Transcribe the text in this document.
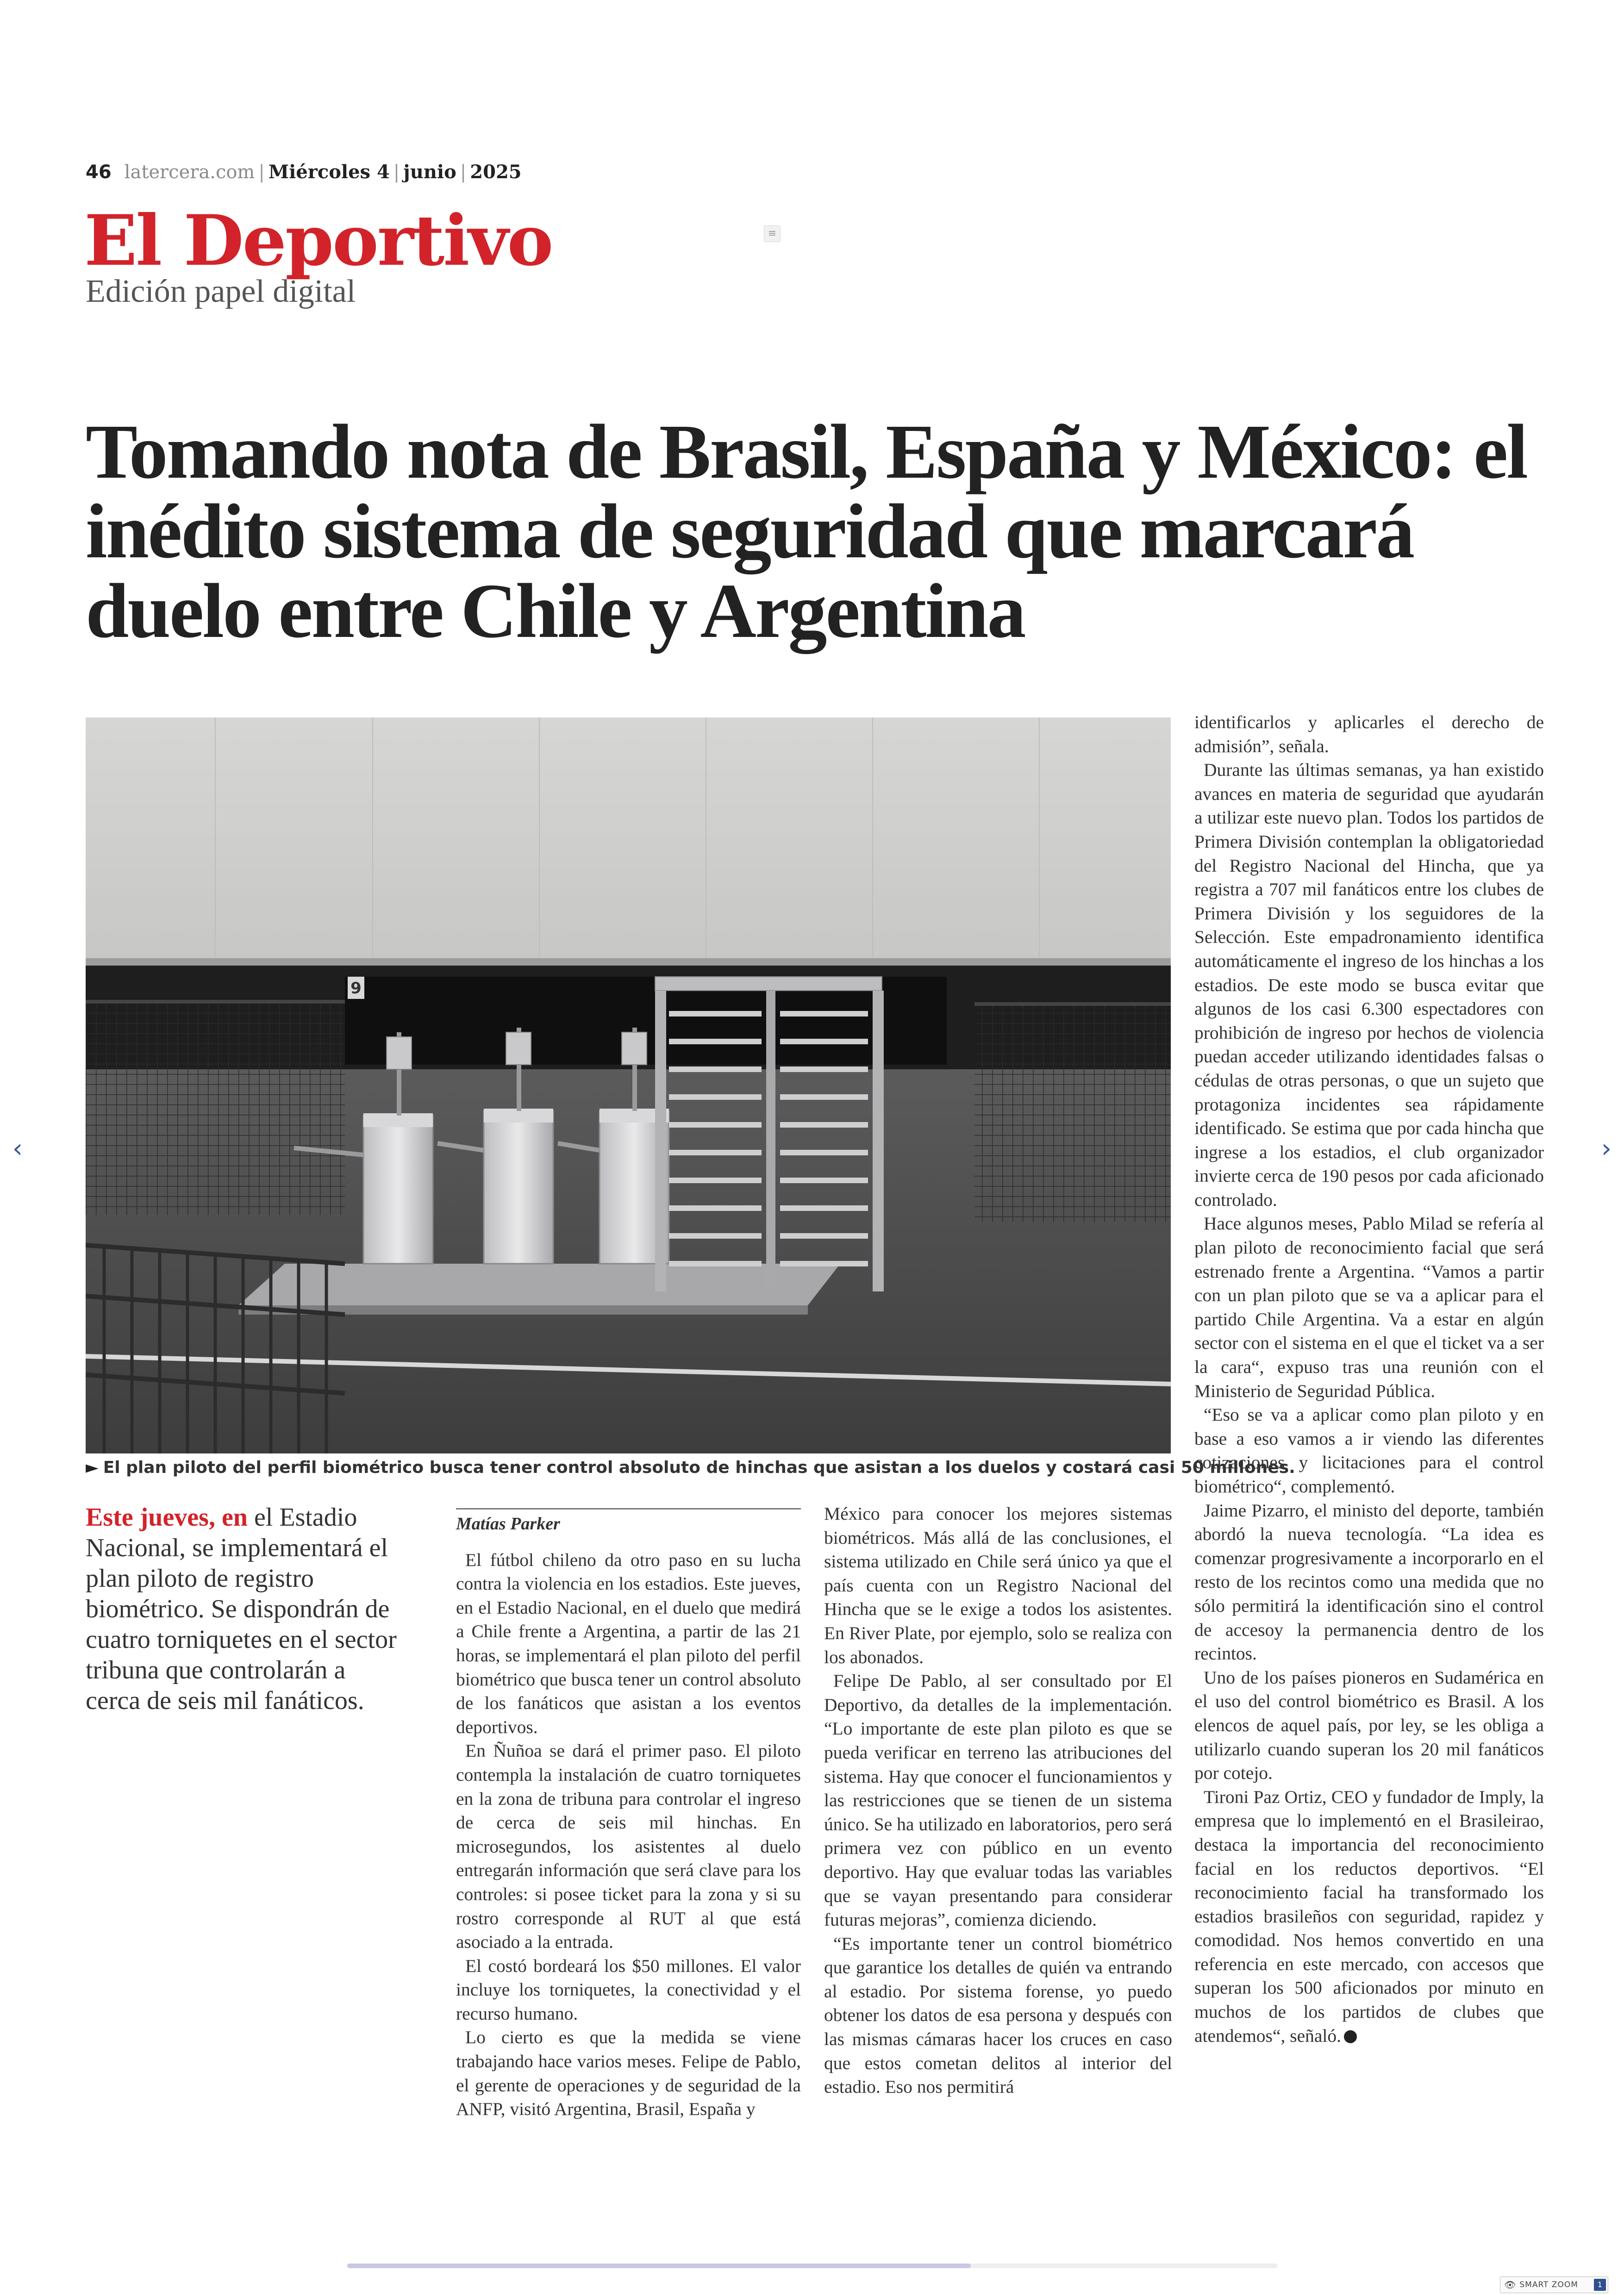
46 latercera.com | Miércoles 4 | junio | 2025
El Deportivo
Edición papel digital
≡
Tomando nota de Brasil, España y México: el inédito sistema de seguridad que marcará duelo entre Chile y Argentina
9
► El plan piloto del perfil biométrico busca tener control absoluto de hinchas que asistan a los duelos y costará casi 50 millones.
Este jueves, en el Estadio Nacional, se implementará el plan piloto de registro biométrico. Se dispondrán de cuatro torniquetes en el sector tribuna que controlarán a cerca de seis mil fanáticos.

Matías Parker

El fútbol chileno da otro paso en su lucha contra la violencia en los estadios. Este jueves, en el Estadio Nacional, en el duelo que medirá a Chile frente a Argentina, a partir de las 21 horas, se implementará el plan piloto del perfil biométrico que busca tener un control absoluto de los fanáticos que asistan a los eventos deportivos.

En Ñuñoa se dará el primer paso. El piloto contempla la instalación de cuatro torniquetes en la zona de tribuna para controlar el ingreso de cerca de seis mil hinchas. En microsegundos, los asistentes al duelo entregarán información que será clave para los controles: si posee ticket para la zona y si su rostro corresponde al RUT al que está asociado a la entrada.

El costó bordeará los $50 millones. El valor incluye los torniquetes, la conectividad y el recurso humano.

Lo cierto es que la medida se viene trabajando hace varios meses. Felipe de Pablo, el gerente de operaciones y de seguridad de la ANFP, visitó Argentina, Brasil, España y

México para conocer los mejores sistemas biométricos. Más allá de las conclusiones, el sistema utilizado en Chile será único ya que el país cuenta con un Registro Nacional del Hincha que se le exige a todos los asistentes. En River Plate, por ejemplo, solo se realiza con los abonados.

Felipe De Pablo, al ser consultado por El Deportivo, da detalles de la implementación. “Lo importante de este plan piloto es que se pueda verificar en terreno las atribuciones del sistema. Hay que conocer el funcionamientos y las restricciones que se tienen de un sistema único. Se ha utilizado en laboratorios, pero será primera vez con público en un evento deportivo. Hay que evaluar todas las variables que se vayan presentando para considerar futuras mejoras”, comienza diciendo.

“Es importante tener un control biométrico que garantice los detalles de quién va entrando al estadio. Por sistema forense, yo puedo obtener los datos de esa persona y después con las mismas cámaras hacer los cruces en caso que estos cometan delitos al interior del estadio. Eso nos permitirá

identificarlos y aplicarles el derecho de admisión”, señala.

Durante las últimas semanas, ya han existido avances en materia de seguridad que ayudarán a utilizar este nuevo plan. Todos los partidos de Primera División contemplan la obligatoriedad del Registro Nacional del Hincha, que ya registra a 707 mil fanáticos entre los clubes de Primera División y los seguidores de la Selección. Este empadronamiento identifica automáticamente el ingreso de los hinchas a los estadios. De este modo se busca evitar que algunos de los casi 6.300 espectadores con prohibición de ingreso por hechos de violencia puedan acceder utilizando identidades falsas o cédulas de otras personas, o que un sujeto que protagoniza incidentes sea rápidamente identificado. Se estima que por cada hincha que ingrese a los estadios, el club organizador invierte cerca de 190 pesos por cada aficionado controlado.

Hace algunos meses, Pablo Milad se refería al plan piloto de reconocimiento facial que será estrenado frente a Argentina. “Vamos a partir con un plan piloto que se va a aplicar para el partido Chile Argentina. Va a estar en algún sector con el sistema en el que el ticket va a ser la cara“, expuso tras una reunión con el Ministerio de Seguridad Pública.

“Eso se va a aplicar como plan piloto y en base a eso vamos a ir viendo las diferentes cotizaciones y licitaciones para el control biométrico“, complementó.

Jaime Pizarro, el ministo del deporte, también abordó la nueva tecnología. “La idea es comenzar progresivamente a incorporarlo en el resto de los recintos como una medida que no sólo permitirá la identificación sino el control de accesoy la permanencia dentro de los recintos.

Uno de los países pioneros en Sudamérica en el uso del control biométrico es Brasil. A los elencos de aquel país, por ley, se les obliga a utilizarlo cuando superan los 20 mil fanáticos por cotejo.

Tironi Paz Ortiz, CEO y fundador de Imply, la empresa que lo implementó en el Brasileirao, destaca la importancia del reconocimiento facial en los reductos deportivos. “El reconocimiento facial ha transformado los estadios brasileños con seguridad, rapidez y comodidad. Nos hemos convertido en una referencia en este mercado, con accesos que superan los 500 aficionados por minuto en muchos de los partidos de clubes que atendemos“, señaló.

‹	›
👁 SMART ZOOM	1
